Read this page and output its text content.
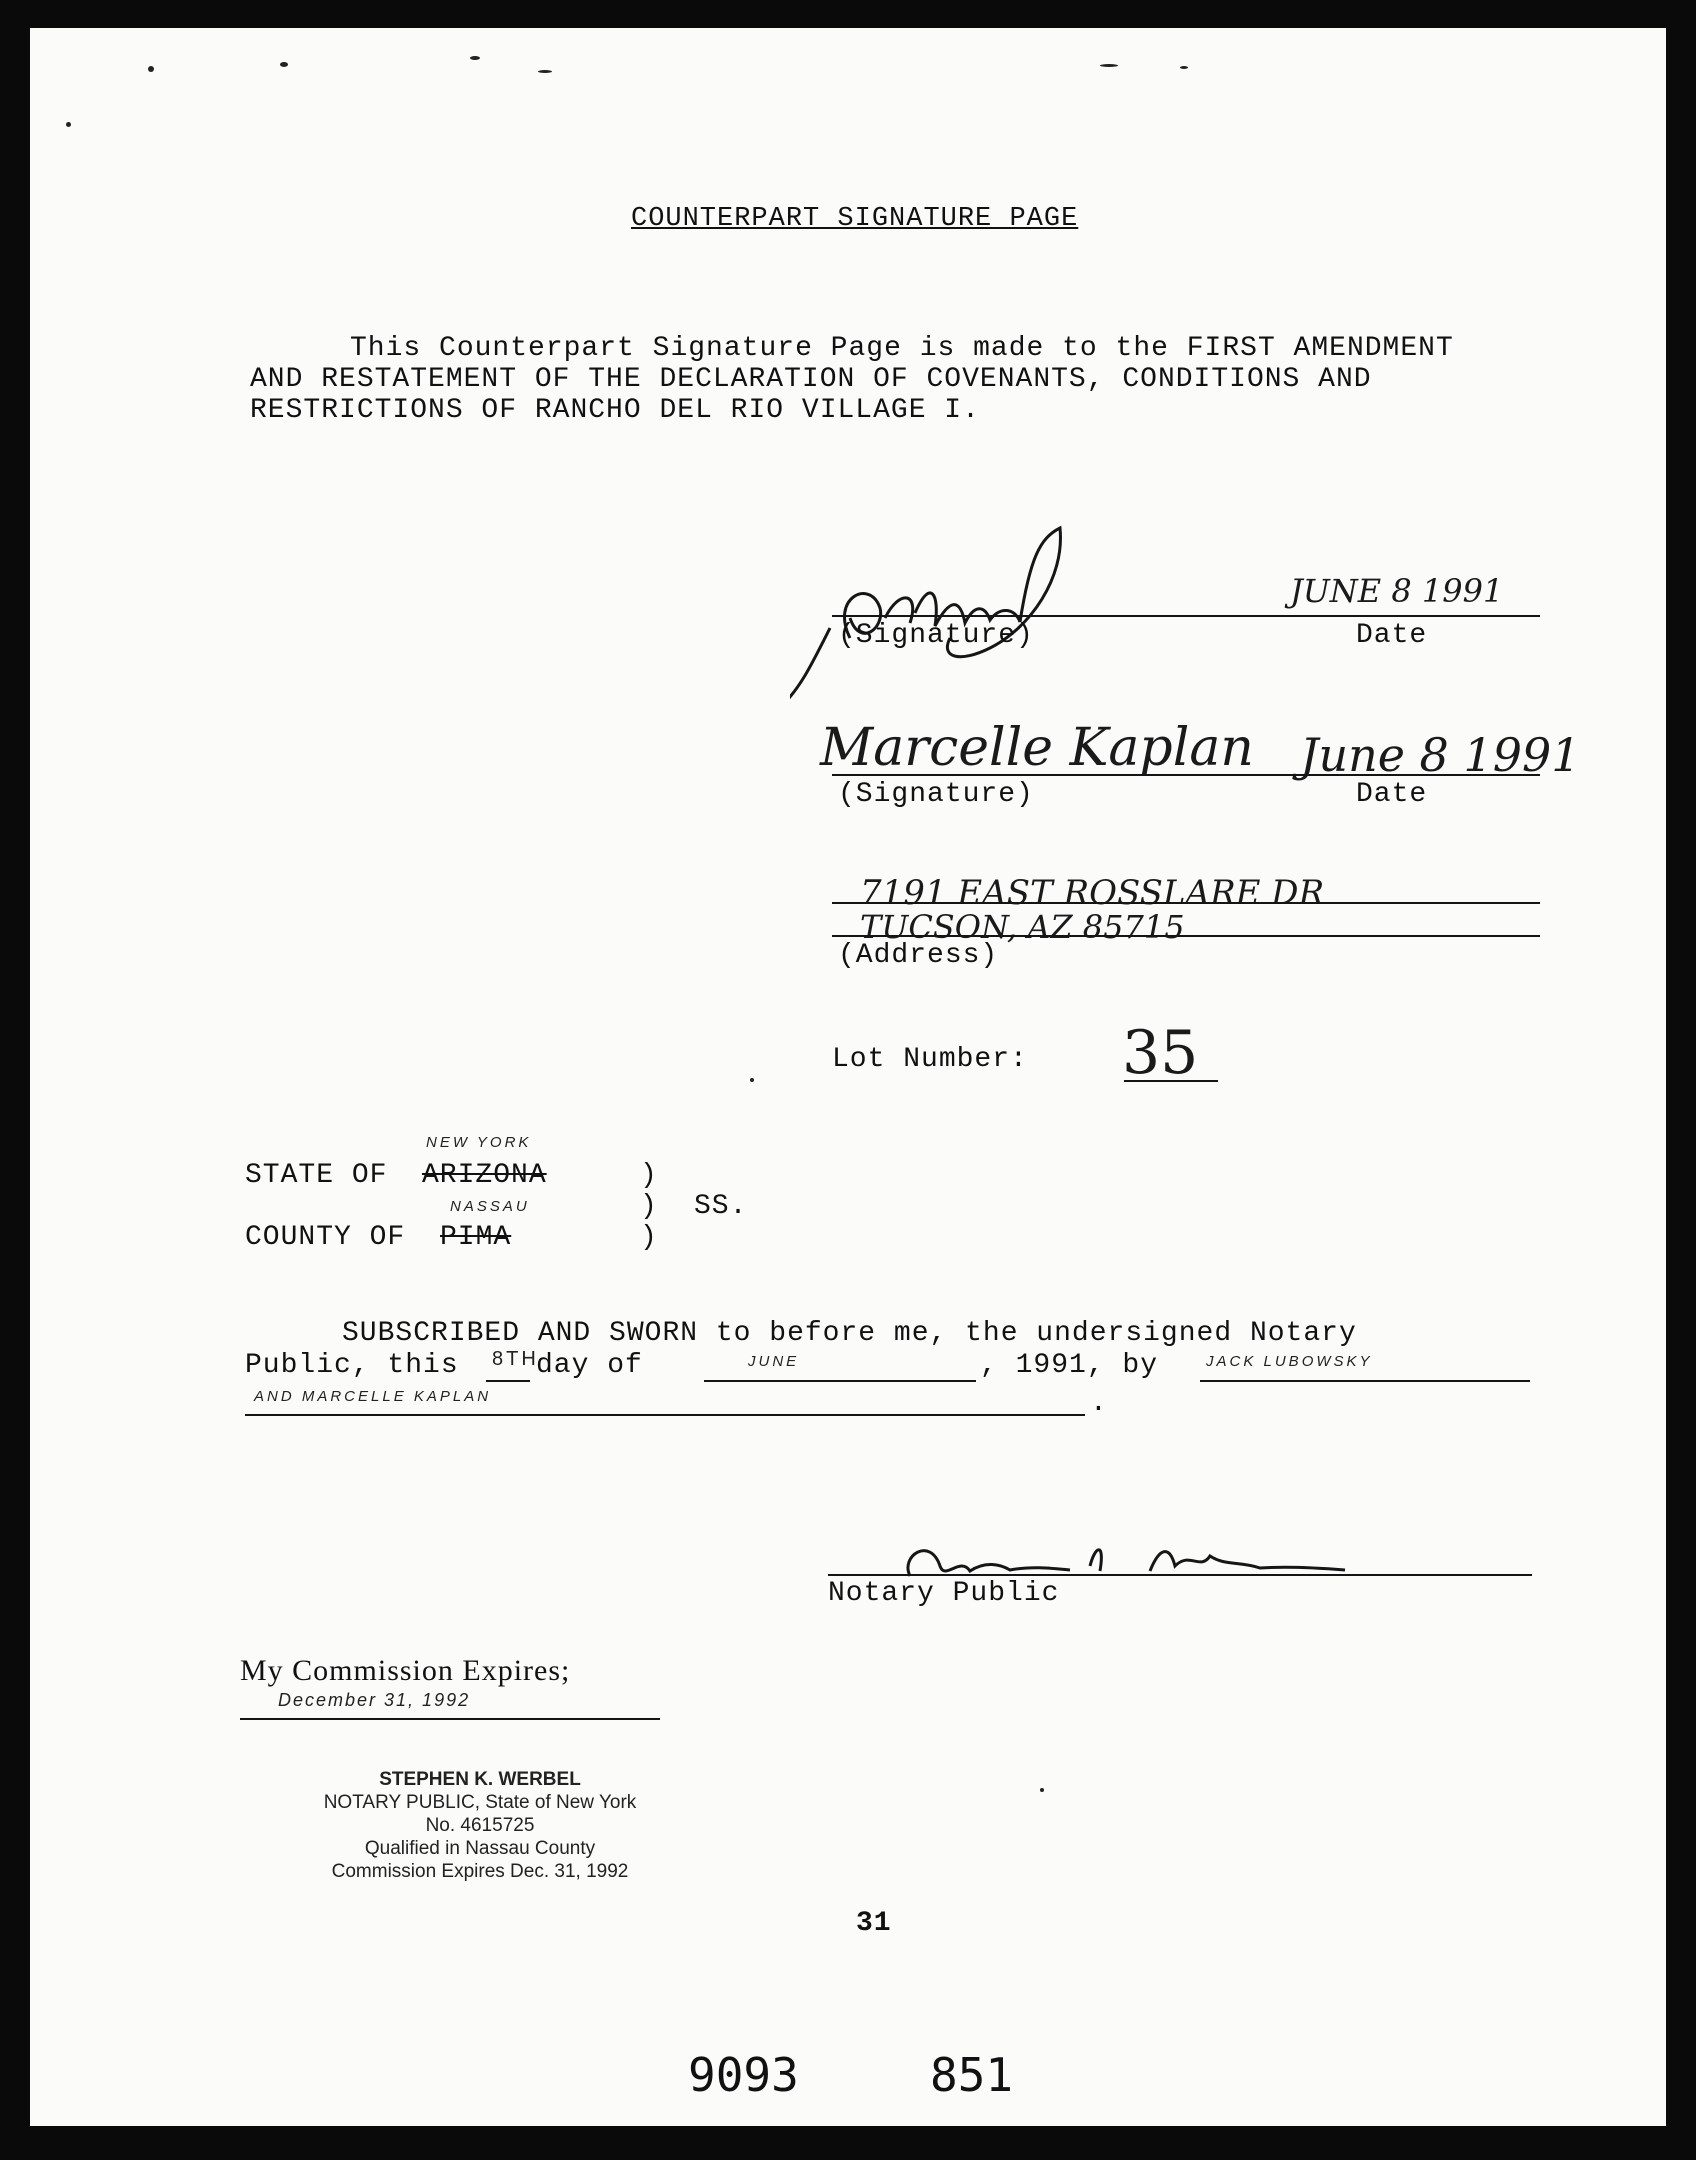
COUNTERPART SIGNATURE PAGE
This Counterpart Signature Page is made to the FIRST AMENDMENT
AND RESTATEMENT OF THE DECLARATION OF COVENANTS, CONDITIONS AND
RESTRICTIONS OF RANCHO DEL RIO VILLAGE I.
JUNE 8 1991
(Signature)	Date
Marcelle Kaplan June 8 1991
(Signature)	Date
7191 EAST ROSSLARE DR
TUCSON, AZ 85715
(Address)
Lot Number: 35
NEW YORK
STATE OF ARIZONA	)
) SS.
NASSAU
COUNTY OF PIMA	)
SUBSCRIBED AND SWORN to before me, the undersigned Notary
Public, this 8TH
day of	JUNE	, 1991, by	JACK LUBOWSKY
AND MARCELLE KAPLAN	.
Notary Public
My Commission Expires;
December 31, 1992
STEPHEN K. WERBEL
NOTARY PUBLIC, State of New York
No. 4615725
Qualified in Nassau County
Commission Expires Dec. 31, 1992
31
9093	851
